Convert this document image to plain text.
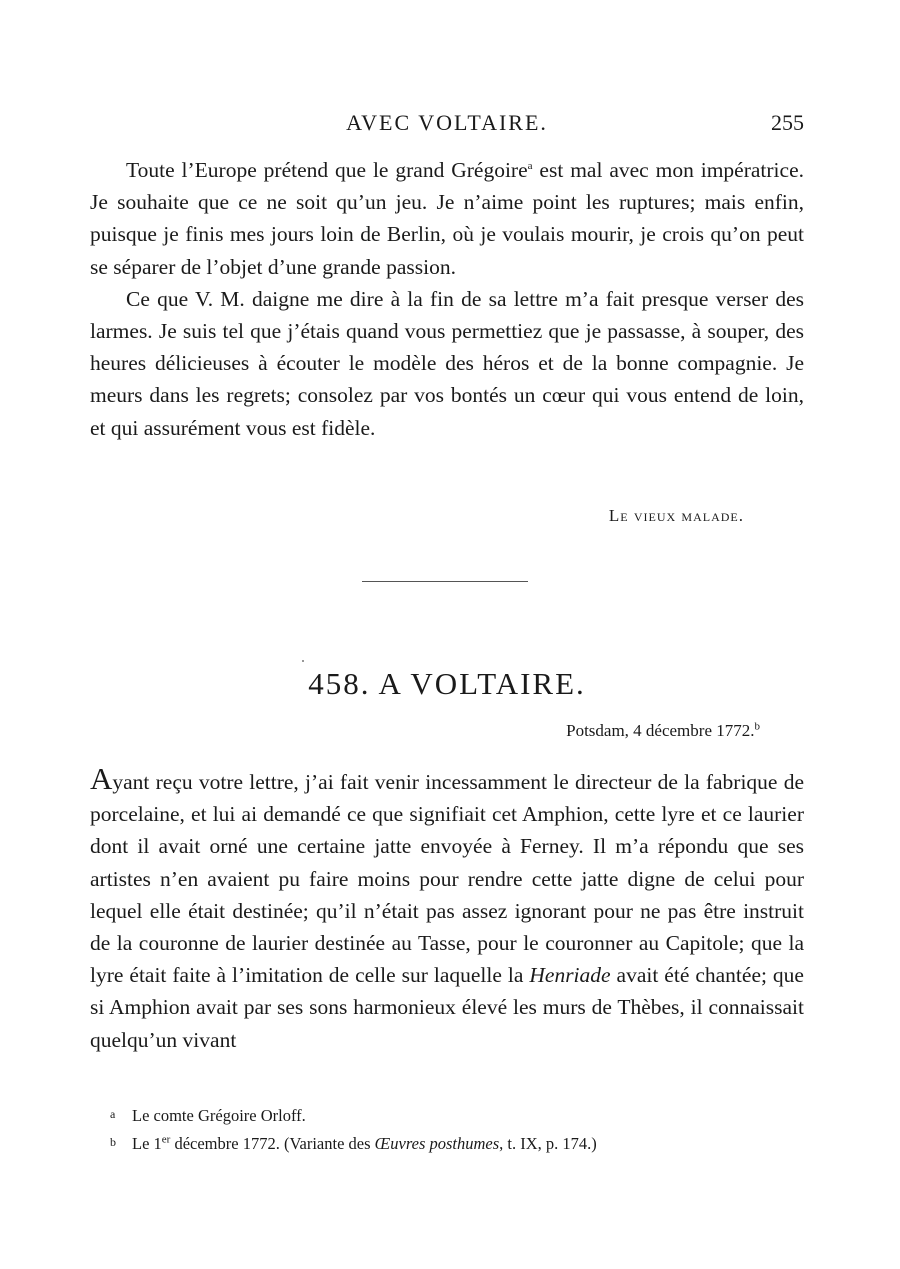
AVEC VOLTAIRE.	255

Toute l’Europe prétend que le grand Grégoire$^a$ est mal avec mon impératrice. Je souhaite que ce ne soit qu’un jeu. Je n’aime point les ruptures; mais enfin, puisque je finis mes jours loin de Berlin, où je voulais mourir, je crois qu’on peut se séparer de l’objet d’une grande passion.

Ce que V. M. daigne me dire à la fin de sa lettre m’a fait presque verser des larmes. Je suis tel que j’étais quand vous permettiez que je passasse, à souper, des heures délicieuses à écouter le modèle des héros et de la bonne compagnie. Je meurs dans les regrets; consolez par vos bontés un cœur qui vous entend de loin, et qui assurément vous est fidèle.

Le vieux malade.
458. A VOLTAIRE.
Potsdam, 4 décembre 1772.$^b$

Ayant reçu votre lettre, j’ai fait venir incessamment le directeur de la fabrique de porcelaine, et lui ai demandé ce que signifiait cet Amphion, cette lyre et ce laurier dont il avait orné une certaine jatte envoyée à Ferney. Il m’a répondu que ses artistes n’en avaient pu faire moins pour rendre cette jatte digne de celui pour lequel elle était destinée; qu’il n’était pas assez ignorant pour ne pas être instruit de la couronne de laurier destinée au Tasse, pour le couronner au Capitole; que la lyre était faite à l’imitation de celle sur laquelle la Henriade avait été chantée; que si Amphion avait par ses sons harmonieux élevé les murs de Thèbes, il connaissait quelqu’un vivant

a Le comte Grégoire Orloff.

b Le 1er décembre 1772. (Variante des Œuvres posthumes, t. IX, p. 174.)
